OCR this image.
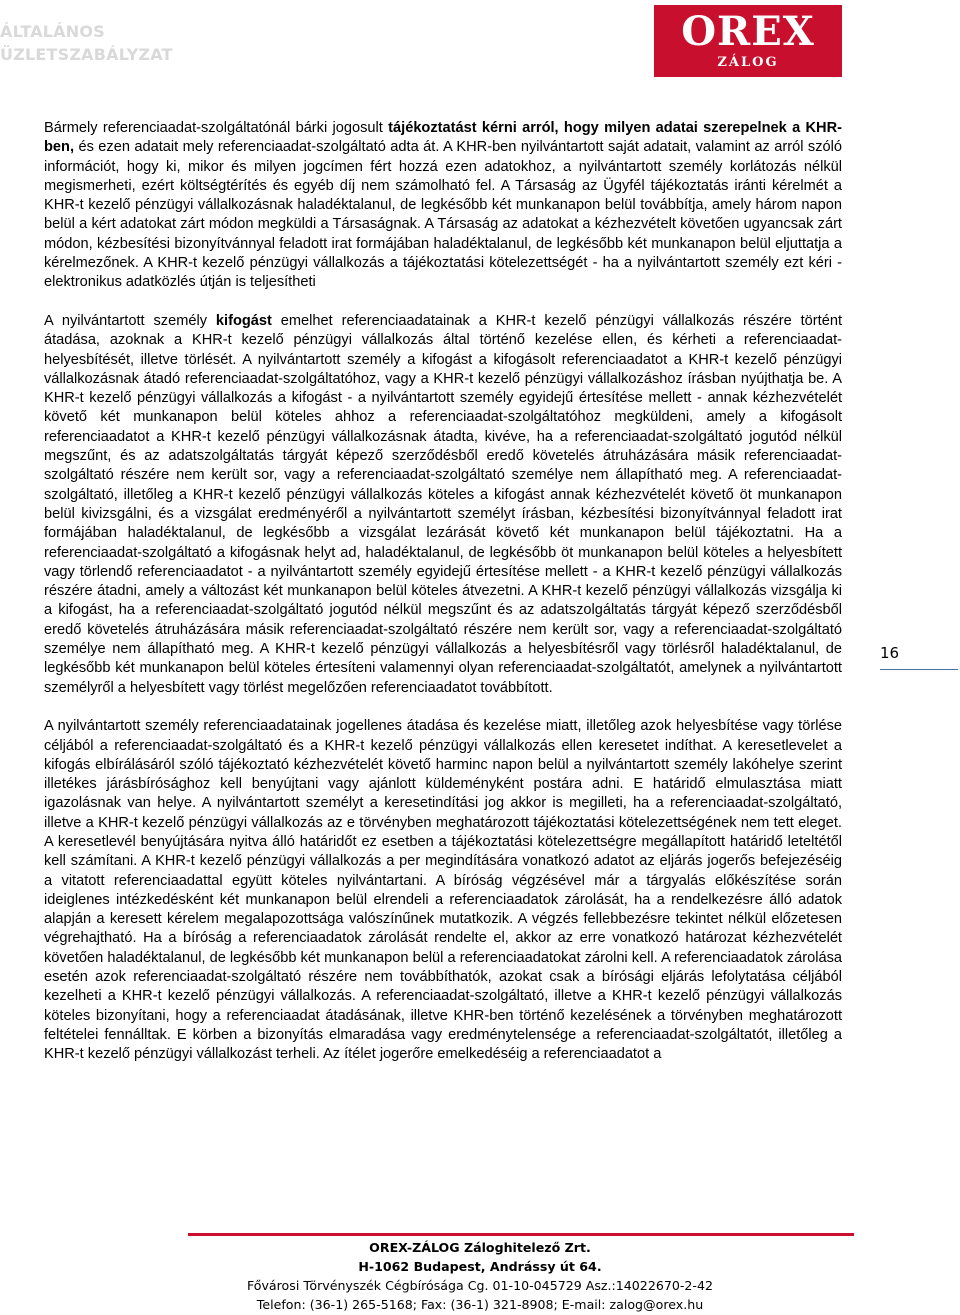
ÁLTALÁNOS
ÜZLETSZABÁLYZAT	OREX
ZÁLOG

Bármely referenciaadat-szolgáltatónál bárki jogosult tájékoztatást kérni arról, hogy milyen adatai szerepelnek a KHR-ben, és ezen adatait mely referenciaadat-szolgáltató adta át. A KHR-ben nyilvántartott saját adatait, valamint az arról szóló információt, hogy ki, mikor és milyen jogcímen fért hozzá ezen adatokhoz, a nyilvántartott személy korlátozás nélkül megismerheti, ezért költségtérítés és egyéb díj nem számolható fel. A Társaság az Ügyfél tájékoztatás iránti kérelmét a KHR-t kezelő pénzügyi vállalkozásnak haladéktalanul, de legkésőbb két munkanapon belül továbbítja, amely három napon belül a kért adatokat zárt módon megküldi a Társaságnak. A Társaság az adatokat a kézhezvételt követően ugyancsak zárt módon, kézbesítési bizonyítvánnyal feladott irat formájában haladéktalanul, de legkésőbb két munkanapon belül eljuttatja a kérelmezőnek. A KHR-t kezelő pénzügyi vállalkozás a tájékoztatási kötelezettségét - ha a nyilvántartott személy ezt kéri - elektronikus adatközlés útján is teljesítheti

A nyilvántartott személy kifogást emelhet referenciaadatainak a KHR-t kezelő pénzügyi vállalkozás részére történt átadása, azoknak a KHR-t kezelő pénzügyi vállalkozás által történő kezelése ellen, és kérheti a referenciaadat-helyesbítését, illetve törlését. A nyilvántartott személy a kifogást a kifogásolt referenciaadatot a KHR-t kezelő pénzügyi vállalkozásnak átadó referenciaadat-szolgáltatóhoz, vagy a KHR-t kezelő pénzügyi vállalkozáshoz írásban nyújthatja be. A KHR-t kezelő pénzügyi vállalkozás a kifogást - a nyilvántartott személy egyidejű értesítése mellett - annak kézhezvételét követő két munkanapon belül köteles ahhoz a referenciaadat-szolgáltatóhoz megküldeni, amely a kifogásolt referenciaadatot a KHR-t kezelő pénzügyi vállalkozásnak átadta, kivéve, ha a referenciaadat-szolgáltató jogutód nélkül megszűnt, és az adatszolgáltatás tárgyát képező szerződésből eredő követelés átruházására másik referenciaadat-szolgáltató részére nem került sor, vagy a referenciaadat-szolgáltató személye nem állapítható meg. A referenciaadat-szolgáltató, illetőleg a KHR-t kezelő pénzügyi vállalkozás köteles a kifogást annak kézhezvételét követő öt munkanapon belül kivizsgálni, és a vizsgálat eredményéről a nyilvántartott személyt írásban, kézbesítési bizonyítvánnyal feladott irat formájában haladéktalanul, de legkésőbb a vizsgálat lezárását követő két munkanapon belül tájékoztatni. Ha a referenciaadat-szolgáltató a kifogásnak helyt ad, haladéktalanul, de legkésőbb öt munkanapon belül köteles a helyesbített vagy törlendő referenciaadatot - a nyilvántartott személy egyidejű értesítése mellett - a KHR-t kezelő pénzügyi vállalkozás részére átadni, amely a változást két munkanapon belül köteles átvezetni. A KHR-t kezelő pénzügyi vállalkozás vizsgálja ki a kifogást, ha a referenciaadat-szolgáltató jogutód nélkül megszűnt és az adatszolgáltatás tárgyát képező szerződésből eredő követelés átruházására másik referenciaadat-szolgáltató részére nem került sor, vagy a referenciaadat-szolgáltató személye nem állapítható meg. A KHR-t kezelő pénzügyi vállalkozás a helyesbítésről vagy törlésről haladéktalanul, de legkésőbb két munkanapon belül köteles értesíteni valamennyi olyan referenciaadat-szolgáltatót, amelynek a nyilvántartott személyről a helyesbített vagy törlést megelőzően referenciaadatot továbbított.

A nyilvántartott személy referenciaadatainak jogellenes átadása és kezelése miatt, illetőleg azok helyesbítése vagy törlése céljából a referenciaadat-szolgáltató és a KHR-t kezelő pénzügyi vállalkozás ellen keresetet indíthat. A keresetlevelet a kifogás elbírálásáról szóló tájékoztató kézhezvételét követő harminc napon belül a nyilvántartott személy lakóhelye szerint illetékes járásbírósághoz kell benyújtani vagy ajánlott küldeményként postára adni. E határidő elmulasztása miatt igazolásnak van helye. A nyilvántartott személyt a keresetindítási jog akkor is megilleti, ha a referenciaadat-szolgáltató, illetve a KHR-t kezelő pénzügyi vállalkozás az e törvényben meghatározott tájékoztatási kötelezettségének nem tett eleget. A keresetlevél benyújtására nyitva álló határidőt ez esetben a tájékoztatási kötelezettségre megállapított határidő leteltétől kell számítani. A KHR-t kezelő pénzügyi vállalkozás a per megindítására vonatkozó adatot az eljárás jogerős befejezéséig a vitatott referenciaadattal együtt köteles nyilvántartani. A bíróság végzésével már a tárgyalás előkészítése során ideiglenes intézkedésként két munkanapon belül elrendeli a referenciaadatok zárolását, ha a rendelkezésre álló adatok alapján a keresett kérelem megalapozottsága valószínűnek mutatkozik. A végzés fellebbezésre tekintet nélkül előzetesen végrehajtható. Ha a bíróság a referenciaadatok zárolását rendelte el, akkor az erre vonatkozó határozat kézhezvételét követően haladéktalanul, de legkésőbb két munkanapon belül a referenciaadatokat zárolni kell. A referenciaadatok zárolása esetén azok referenciaadat-szolgáltató részére nem továbbíthatók, azokat csak a bírósági eljárás lefolytatása céljából kezelheti a KHR-t kezelő pénzügyi vállalkozás. A referenciaadat-szolgáltató, illetve a KHR-t kezelő pénzügyi vállalkozás köteles bizonyítani, hogy a referenciaadat átadásának, illetve KHR-ben történő kezelésének a törvényben meghatározott feltételei fennálltak. E körben a bizonyítás elmaradása vagy eredménytelensége a referenciaadat-szolgáltatót, illetőleg a KHR-t kezelő pénzügyi vállalkozást terheli. Az ítélet jogerőre emelkedéséig a referenciaadatot a

16
OREX-ZÁLOG Záloghitelező Zrt.
H-1062 Budapest, Andrássy út 64.
Fővárosi Törvényszék Cégbírósága Cg. 01-10-045729 Asz.:14022670-2-42
Telefon: (36-1) 265-5168; Fax: (36-1) 321-8908; E-mail: zalog@orex.hu
